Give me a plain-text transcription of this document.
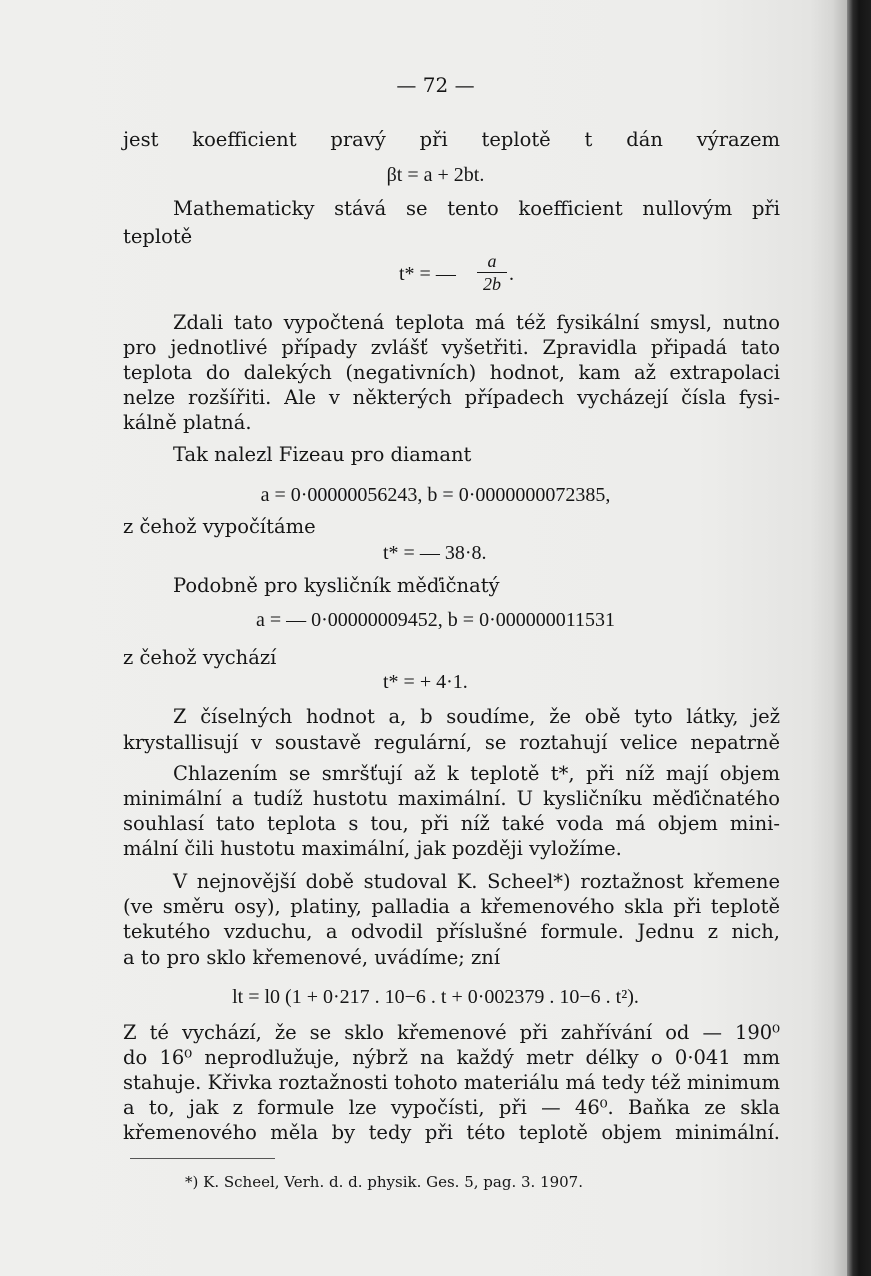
— 72 —

jest koefficient pravý při teplotě t dán výrazem

βt = a + 2bt.

Mathematicky stává se tento koefficient nullovým při

teplotě

t* = —

a
2b .

Zdali tato vypočtená teplota má též fysikální smysl, nutno

pro jednotlivé případy zvlášť vyšetřiti. Zpravidla připadá tato

teplota do dalekých (negativních) hodnot, kam až extrapolaci

nelze rozšířiti. Ale v některých případech vycházejí čísla fysi-

kálně platná.

Tak nalezl Fizeau pro diamant

a = 0·00000056243, b = 0·0000000072385,

z čehož vypočítáme

t* = — 38·8.

Podobně pro kysličník měďičnatý

a = — 0·00000009452, b = 0·000000011531

z čehož vychází

t* = + 4·1.

Z číselných hodnot a, b soudíme, že obě tyto látky, jež

krystallisují v soustavě regulární, se roztahují velice nepatrně

Chlazením se smršťují až k teplotě t*, při níž mají objem

minimální a tudíž hustotu maximální. U kysličníku měďičnatého

souhlasí tato teplota s tou, při níž také voda má objem mini-

mální čili hustotu maximální, jak později vyložíme.

V nejnovější době studoval K. Scheel*) roztažnost křemene

(ve směru osy), platiny, palladia a křemenového skla při teplotě

tekutého vzduchu, a odvodil příslušné formule. Jednu z nich,

a to pro sklo křemenové, uvádíme; zní

lt = l0 (1 + 0·217 . 10−6 . t + 0·002379 . 10−6 . t²).

Z té vychází, že se sklo křemenové při zahřívání od — 190⁰

do 16⁰ neprodlužuje, nýbrž na každý metr délky o 0·041 mm

stahuje. Křivka roztažnosti tohoto materiálu má tedy též minimum

a to, jak z formule lze vypočísti, při — 46⁰. Baňka ze skla

křemenového měla by tedy při této teplotě objem minimální.

*) K. Scheel, Verh. d. d. physik. Ges. 5, pag. 3. 1907.
